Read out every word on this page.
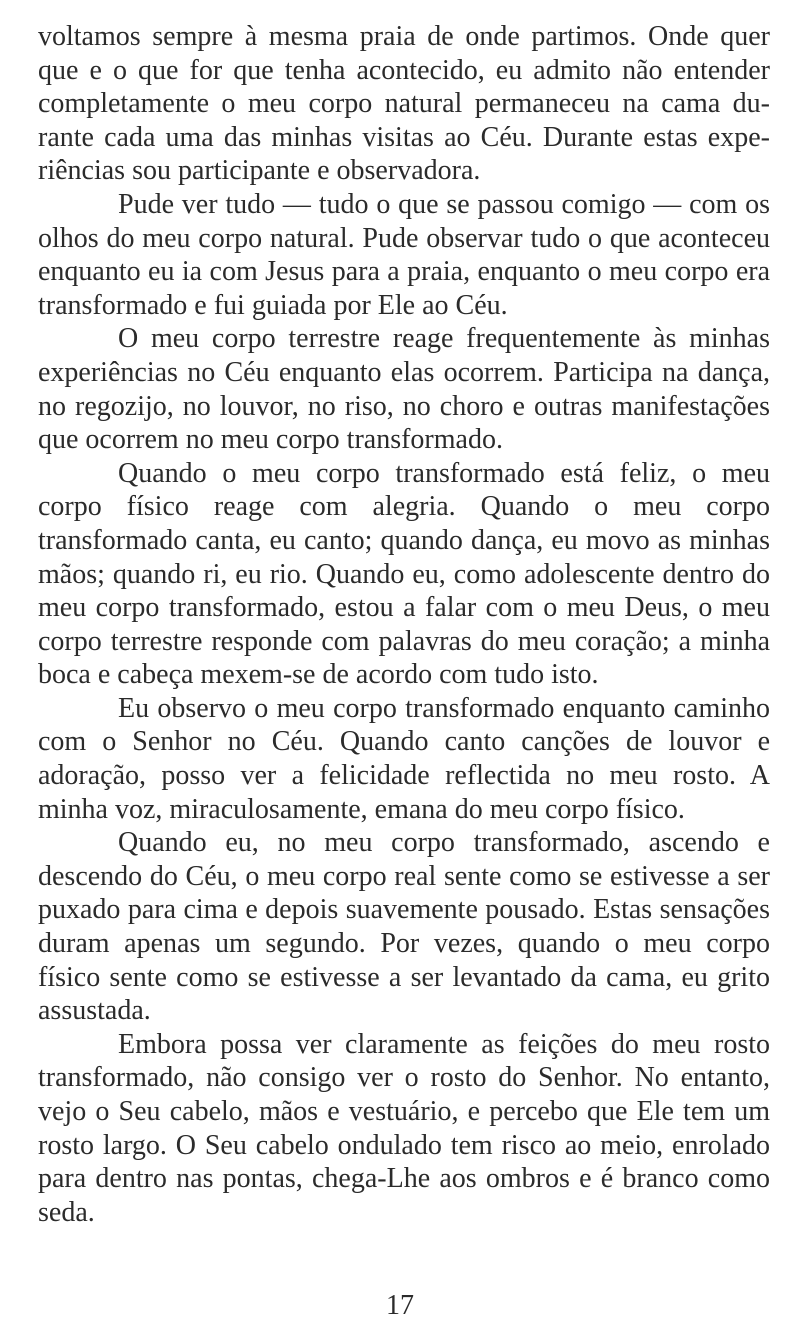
voltamos sempre à mesma praia de onde partimos. Onde quer que e o que for que tenha acontecido, eu admito não entender completamente o meu corpo natural permaneceu na cama durante cada uma das minhas visitas ao Céu. Durante estas experiências sou participante e observadora.

Pude ver tudo — tudo o que se passou comigo — com os olhos do meu corpo natural. Pude observar tudo o que aconteceu enquanto eu ia com Jesus para a praia, enquanto o meu corpo era transformado e fui guiada por Ele ao Céu.

O meu corpo terrestre reage frequentemente às minhas experiências no Céu enquanto elas ocorrem. Participa na dança, no regozijo, no louvor, no riso, no choro e outras manifestações que ocorrem no meu corpo transformado.

Quando o meu corpo transformado está feliz, o meu corpo físico reage com alegria. Quando o meu corpo transformado canta, eu canto; quando dança, eu movo as minhas mãos; quando ri, eu rio. Quando eu, como adolescente dentro do meu corpo transformado, estou a falar com o meu Deus, o meu corpo terrestre responde com palavras do meu coração; a minha boca e cabeça mexem-se de acordo com tudo isto.

Eu observo o meu corpo transformado enquanto caminho com o Senhor no Céu. Quando canto canções de louvor e adoração, posso ver a felicidade reflectida no meu rosto. A minha voz, miraculosamente, emana do meu corpo físico.

Quando eu, no meu corpo transformado, ascendo e descendo do Céu, o meu corpo real sente como se estivesse a ser puxado para cima e depois suavemente pousado. Estas sensações duram apenas um segundo. Por vezes, quando o meu corpo físico sente como se estivesse a ser levantado da cama, eu grito assustada.

Embora possa ver claramente as feições do meu rosto transformado, não consigo ver o rosto do Senhor. No entanto, vejo o Seu cabelo, mãos e vestuário, e percebo que Ele tem um rosto largo. O Seu cabelo ondulado tem risco ao meio, enrolado para dentro nas pontas, chega-Lhe aos ombros e é branco como seda.

17
